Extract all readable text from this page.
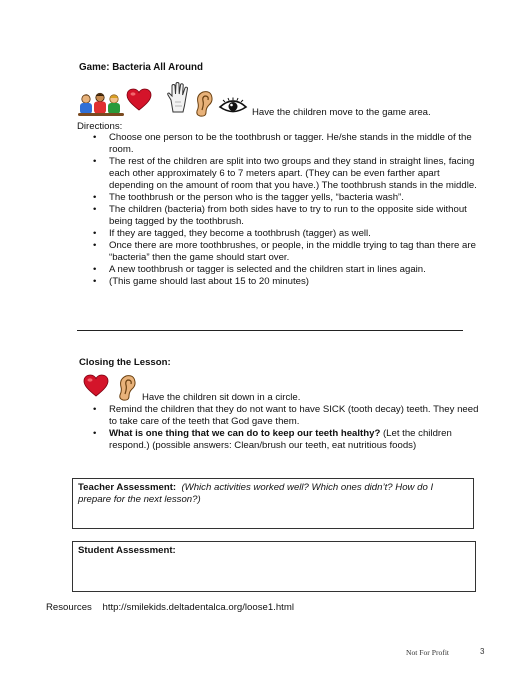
Game: Bacteria All Around
Have the children move to the game area.
Directions:
• Choose one person to be the toothbrush or tagger. He/she stands in the middle of the room.
• The rest of the children are split into two groups and they stand in straight lines, facing each other approximately 6 to 7 meters apart. (They can be even farther apart depending on the amount of room that you have.) The toothbrush stands in the middle.
• The toothbrush or the person who is the tagger yells, “bacteria wash”.
• The children (bacteria) from both sides have to try to run to the opposite side without being tagged by the toothbrush.
• If they are tagged, they become a toothbrush (tagger) as well.
• Once there are more toothbrushes, or people, in the middle trying to tag than there are “bacteria” then the game should start over.
• A new toothbrush or tagger is selected and the children start in lines again.
• (This game should last about 15 to 20 minutes)
Closing the Lesson:
Have the children sit down in a circle.
• Remind the children that they do not want to have SICK (tooth decay) teeth. They need to take care of the teeth that God gave them.
• What is one thing that we can do to keep our teeth healthy? (Let the children respond.) (possible answers: Clean/brush our teeth, eat nutritious foods)
Teacher Assessment: (Which activities worked well? Which ones didn’t? How do I prepare for the next lesson?)
Student Assessment:
Resources    http://smilekids.deltadentalca.org/loose1.html
Not For Profit	3
